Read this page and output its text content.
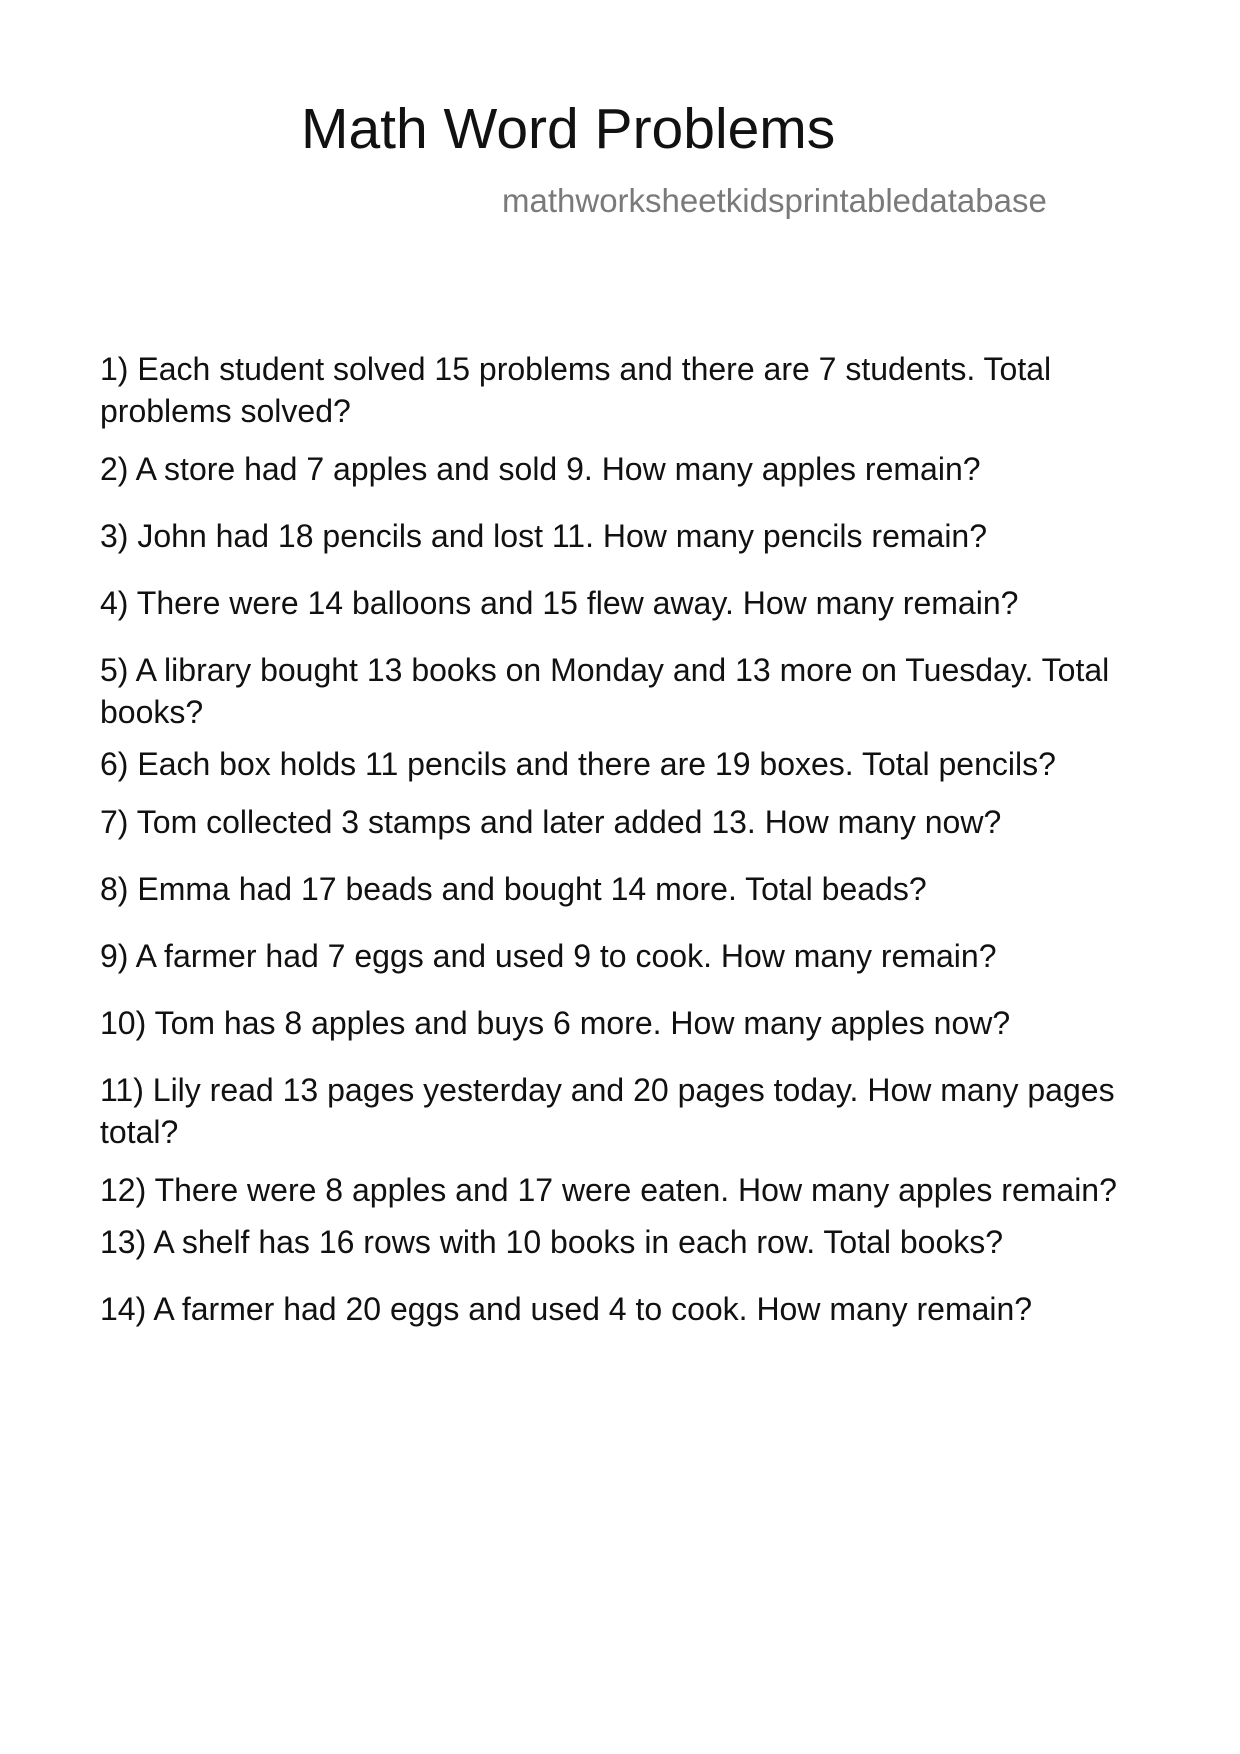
Math Word Problems
mathworksheetkidsprintabledatabase
1) Each student solved 15 problems and there are 7 students. Total problems solved?
2) A store had 7 apples and sold 9. How many apples remain?
3) John had 18 pencils and lost 11. How many pencils remain?
4) There were 14 balloons and 15 flew away. How many remain?
5) A library bought 13 books on Monday and 13 more on Tuesday. Total books?
6) Each box holds 11 pencils and there are 19 boxes. Total pencils?
7) Tom collected 3 stamps and later added 13. How many now?
8) Emma had 17 beads and bought 14 more. Total beads?
9) A farmer had 7 eggs and used 9 to cook. How many remain?
10) Tom has 8 apples and buys 6 more. How many apples now?
11) Lily read 13 pages yesterday and 20 pages today. How many pages total?
12) There were 8 apples and 17 were eaten. How many apples remain?
13) A shelf has 16 rows with 10 books in each row. Total books?
14) A farmer had 20 eggs and used 4 to cook. How many remain?
